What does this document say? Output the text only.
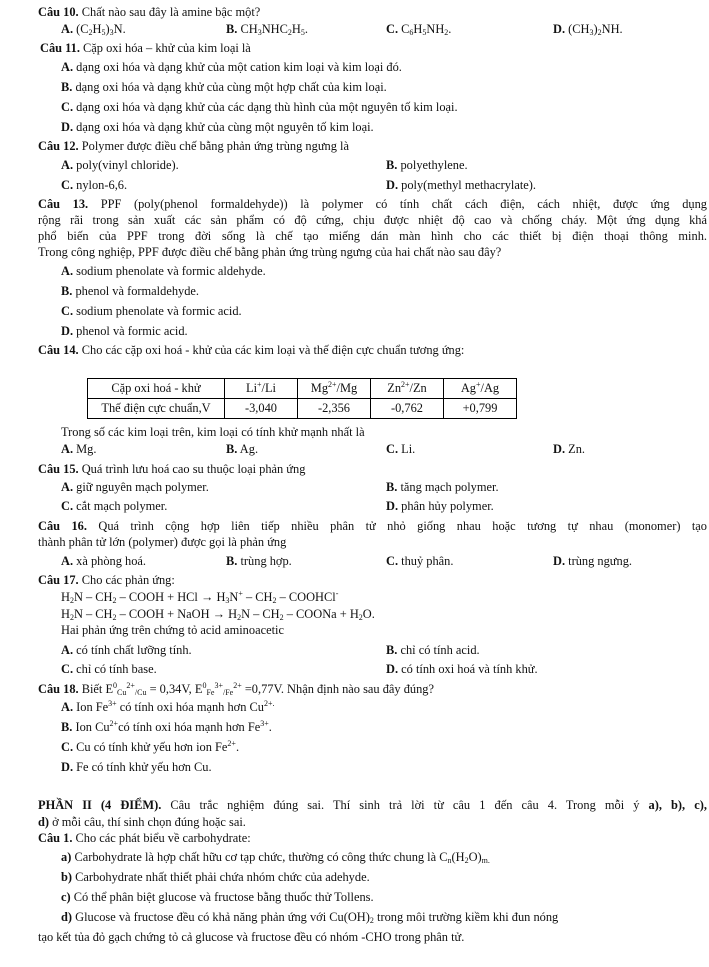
Câu 10. Chất nào sau đây là amine bậc một?
A. $(C_2H_5)_3N$.	B. $CH_3NHC_2H_5$.	C. $C_6H_5NH_2$.	D. $(CH_3)_2NH$.
Câu 11. Cặp oxi hóa – khử của kim loại là
A. dạng oxi hóa và dạng khử của một cation kim loại và kim loại đó.
B. dạng oxi hóa và dạng khử của cùng một hợp chất của kim loại.
C. dạng oxi hóa và dạng khử của các dạng thù hình của một nguyên tố kim loại.
D. dạng oxi hóa và dạng khử của cùng một nguyên tố kim loại.
Câu 12. Polymer được điều chế bằng phản ứng trùng ngưng là
A. poly(vinyl chloride).	B. polyethylene.
C. nylon-6,6.	D. poly(methyl methacrylate).
Câu 13. PPF (poly(phenol formaldehyde)) là polymer có tính chất cách điện, cách nhiệt, được ứng dụng
rộng rãi trong sản xuất các sản phẩm có độ cứng, chịu được nhiệt độ cao và chống cháy. Một ứng dụng khá
phổ biến của PPF trong đời sống là chế tạo miếng dán màn hình cho các thiết bị điện thoại thông minh.
Trong công nghiệp, PPF được điều chế bằng phản ứng trùng ngưng của hai chất nào sau đây?
A. sodium phenolate và formic aldehyde.
B. phenol và formaldehyde.
C. sodium phenolate và formic acid.
D. phenol và formic acid.
Câu 14. Cho các cặp oxi hoá - khử của các kim loại và thế điện cực chuẩn tương ứng:
Cặp oxi hoá - khử	Li+/Li	$Mg^{2+}/Mg$	$Zn^{2+}/Zn$	Ag+/Ag
Thế điện cực chuẩn,V	-3,040	-2,356	-0,762	+0,799
Trong số các kim loại trên, kim loại có tính khử mạnh nhất là
A. Mg.	B. Ag.	C. Li.	D. Zn.
Câu 15. Quá trình lưu hoá cao su thuộc loại phản ứng
A. giữ nguyên mạch polymer.	B. tăng mạch polymer.
C. cắt mạch polymer.	D. phân hủy polymer.
Câu 16. Quá trình cộng hợp liên tiếp nhiều phân tử nhỏ giống nhau hoặc tương tự nhau (monomer) tạo
thành phân tử lớn (polymer) được gọi là phản ứng
A. xà phòng hoá.	B. trùng hợp.	C. thuỷ phân.	D. trùng ngưng.
Câu 17. Cho các phản ứng:
$H_2N - CH_2$ – COOH + HCl → $H_3N^+ - CH_2$ – COOHCl-
$H_2N - CH_2$ – COOH + NaOH → $H_2N - CH_2$ – COONa + $H_2O$.
Hai phản ứng trên chứng tỏ acid aminoacetic
A. có tính chất lưỡng tính.	B. chỉ có tính acid.
C. chỉ có tính base.	D. có tính oxi hoá và tính khử.
Câu 18. Biết $E^0_{Cu}^{2+}_{/Cu} = 0,34V$, $E^0_{Fe}^{3+}_{/Fe}^{2+} =0,77V$. Nhận định nào sau đây đúng?
A. Ion $Fe^{3+}$ có tính oxi hóa mạnh hơn $Cu^{2+.}$
B. Ion $Cu^{2+}có$ tính oxi hóa mạnh hơn $Fe^{3+}$.
C. Cu có tính khử yếu hơn ion $Fe^{2+}$.
D. Fe có tính khử yếu hơn Cu.
PHẦN II (4 ĐIỂM). Câu trắc nghiệm đúng sai. Thí sinh trả lời từ câu 1 đến câu 4. Trong mỗi ý a), b), c),
d) ở mỗi câu, thí sinh chọn đúng hoặc sai.
Câu 1. Cho các phát biểu về carbohydrate:
a) Carbohydrate là hợp chất hữu cơ tạp chức, thường có công thức chung là $C_n(H_2O)_{m.}$
b) Carbohydrate nhất thiết phải chứa nhóm chức của adehyde.
c) Có thể phân biệt glucose và fructose bằng thuốc thử Tollens.
d) Glucose và fructose đều có khả năng phản ứng với $Cu(OH)_2$ trong môi trường kiềm khi đun nóng
tạo kết tủa đỏ gạch chứng tỏ cả glucose và fructose đều có nhóm -CHO trong phân tử.
